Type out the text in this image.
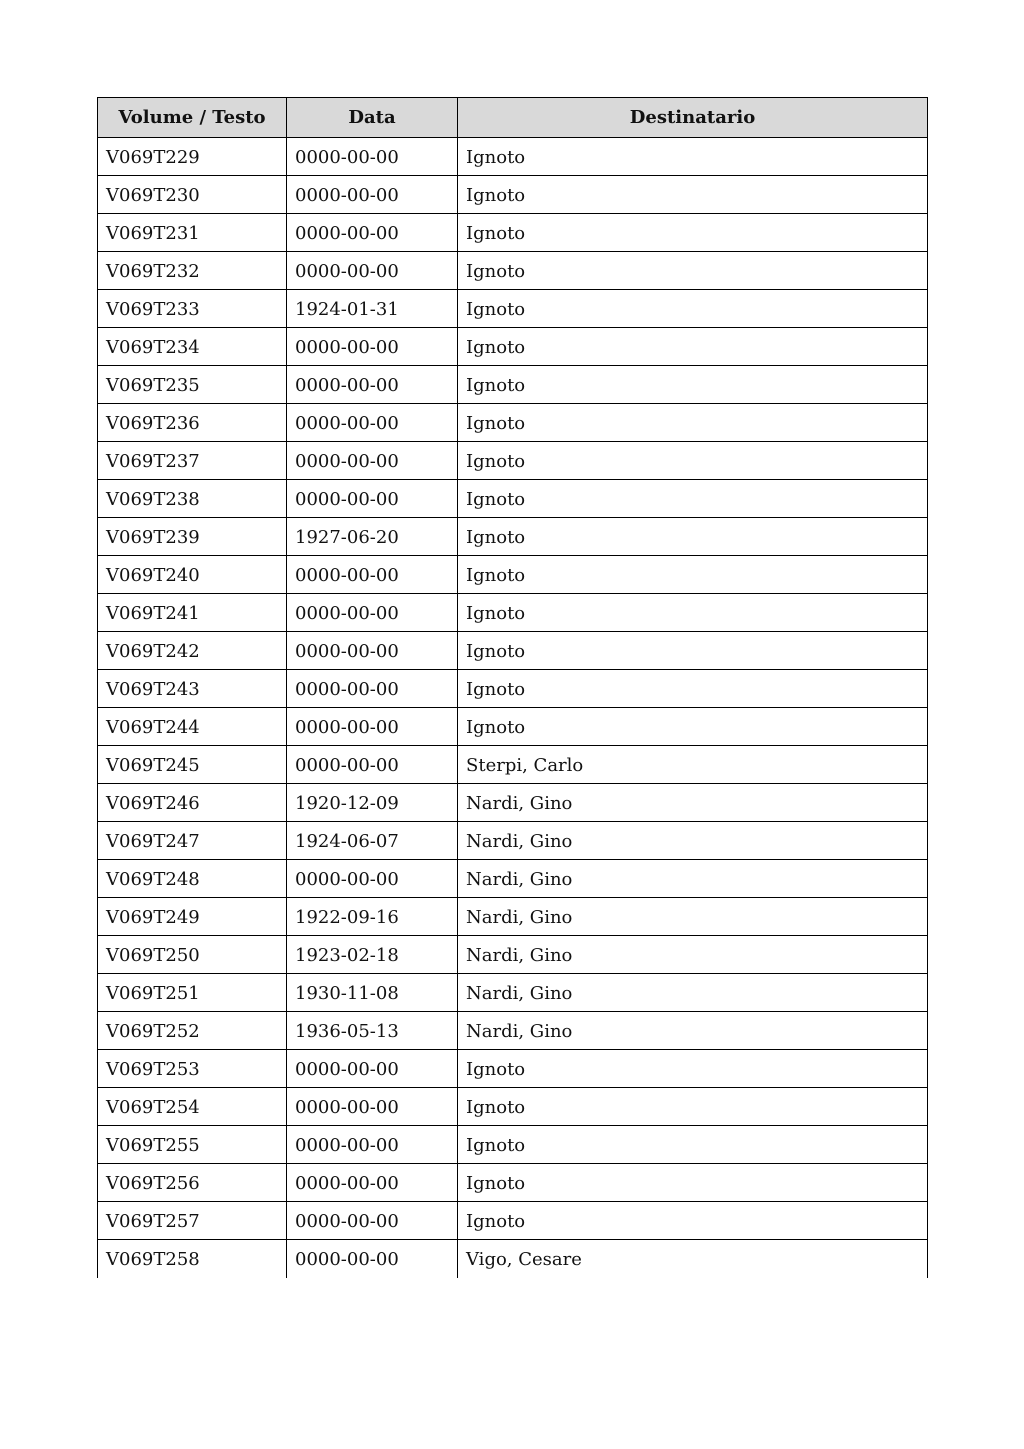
Volume / Testo	Data	Destinatario
V069T229	0000-00-00	Ignoto
V069T230	0000-00-00	Ignoto
V069T231	0000-00-00	Ignoto
V069T232	0000-00-00	Ignoto
V069T233	1924-01-31	Ignoto
V069T234	0000-00-00	Ignoto
V069T235	0000-00-00	Ignoto
V069T236	0000-00-00	Ignoto
V069T237	0000-00-00	Ignoto
V069T238	0000-00-00	Ignoto
V069T239	1927-06-20	Ignoto
V069T240	0000-00-00	Ignoto
V069T241	0000-00-00	Ignoto
V069T242	0000-00-00	Ignoto
V069T243	0000-00-00	Ignoto
V069T244	0000-00-00	Ignoto
V069T245	0000-00-00	Sterpi, Carlo
V069T246	1920-12-09	Nardi, Gino
V069T247	1924-06-07	Nardi, Gino
V069T248	0000-00-00	Nardi, Gino
V069T249	1922-09-16	Nardi, Gino
V069T250	1923-02-18	Nardi, Gino
V069T251	1930-11-08	Nardi, Gino
V069T252	1936-05-13	Nardi, Gino
V069T253	0000-00-00	Ignoto
V069T254	0000-00-00	Ignoto
V069T255	0000-00-00	Ignoto
V069T256	0000-00-00	Ignoto
V069T257	0000-00-00	Ignoto
V069T258	0000-00-00	Vigo, Cesare
